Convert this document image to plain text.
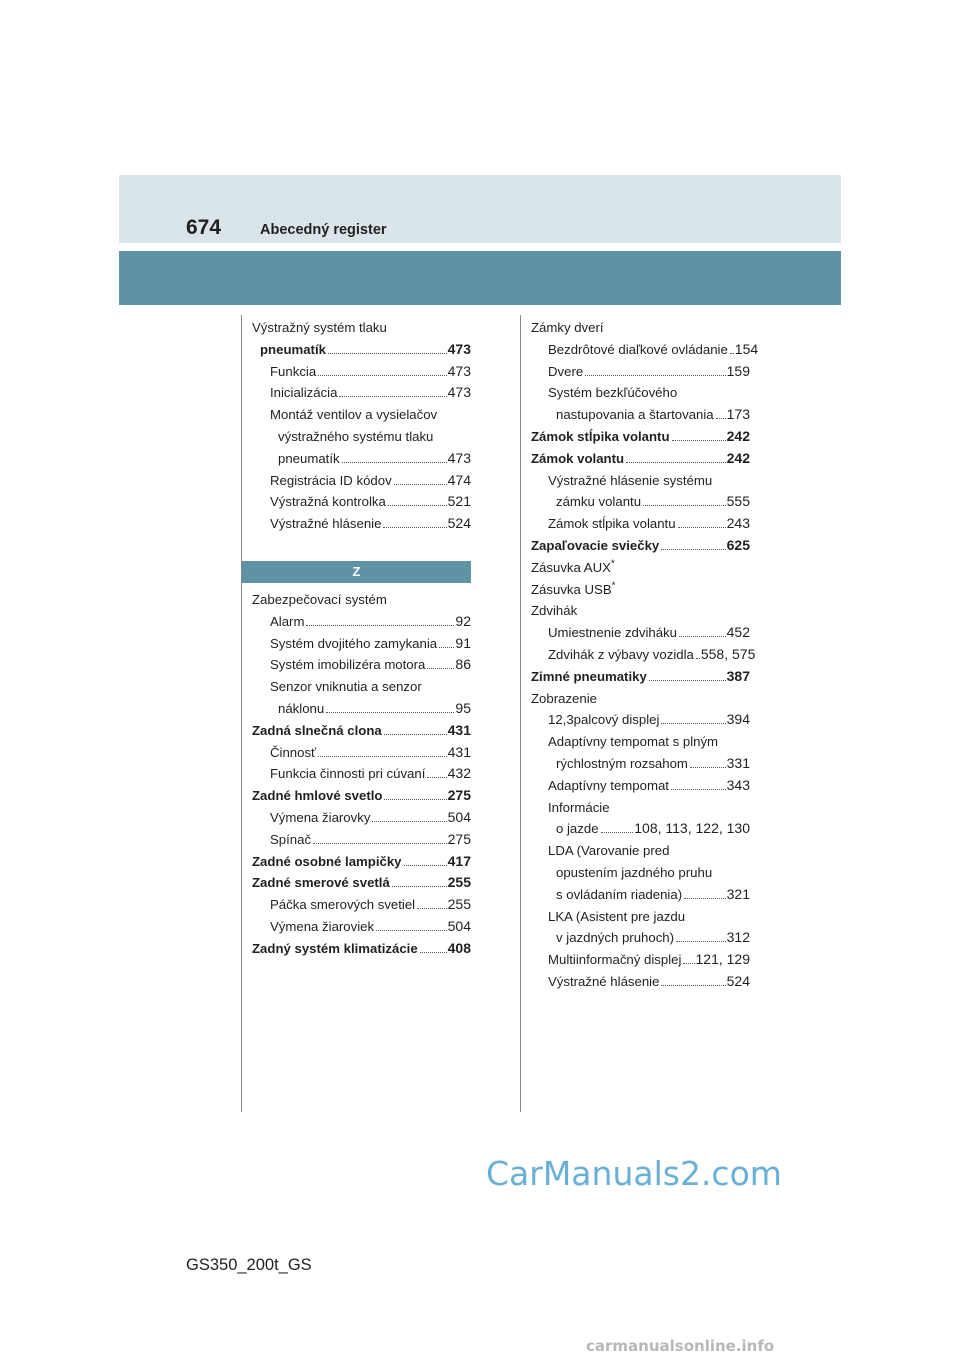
674	Abecedný register
Výstražný systém tlaku
pneumatík	473
Funkcia	473
Inicializácia	473
Montáž ventilov a vysielačov
výstražného systému tlaku
pneumatík	473
Registrácia ID kódov	474
Výstražná kontrolka	521
Výstražné hlásenie	524
Z
Zabezpečovací systém
Alarm	92
Systém dvojitého zamykania 91
Systém imobilizéra motora 86
Senzor vniknutia a senzor
náklonu	95
Zadná slnečná clona	431
Činnosť	431
Funkcia činnosti pri cúvaní 432
Zadné hmlové svetlo	275
Výmena žiarovky	504
Spínač	275
Zadné osobné lampičky	417
Zadné smerové svetlá	255
Páčka smerových svetiel 255
Výmena žiaroviek	504
Zadný systém klimatizácie 408
Zámky dverí
Bezdrôtové diaľkové ovládanie 154
Dvere	159
Systém bezkľúčového
nastupovania a štartovania 173
Zámok stĺpika volantu	242
Zámok volantu	242
Výstražné hlásenie systému
zámku volantu	555
Zámok stĺpika volantu	243
Zapaľovacie sviečky	625
Zásuvka AUX*
Zásuvka USB*
Zdvihák
Umiestnenie zdviháku	452
Zdvihák z výbavy vozidla 558, 575
Zimné pneumatiky	387
Zobrazenie
12,3palcový displej	394
Adaptívny tempomat s plným
rýchlostným rozsahom	331
Adaptívny tempomat	343
Informácie
o jazde	108, 113, 122, 130
LDA (Varovanie pred
opustením jazdného pruhu
s ovládaním riadenia)	321
LKA (Asistent pre jazdu
v jazdných pruhoch)	312
Multiinformačný displej 121, 129
Výstražné hlásenie	524
GS350_200t_GS
CarManuals2.com
carmanualsonline.info
